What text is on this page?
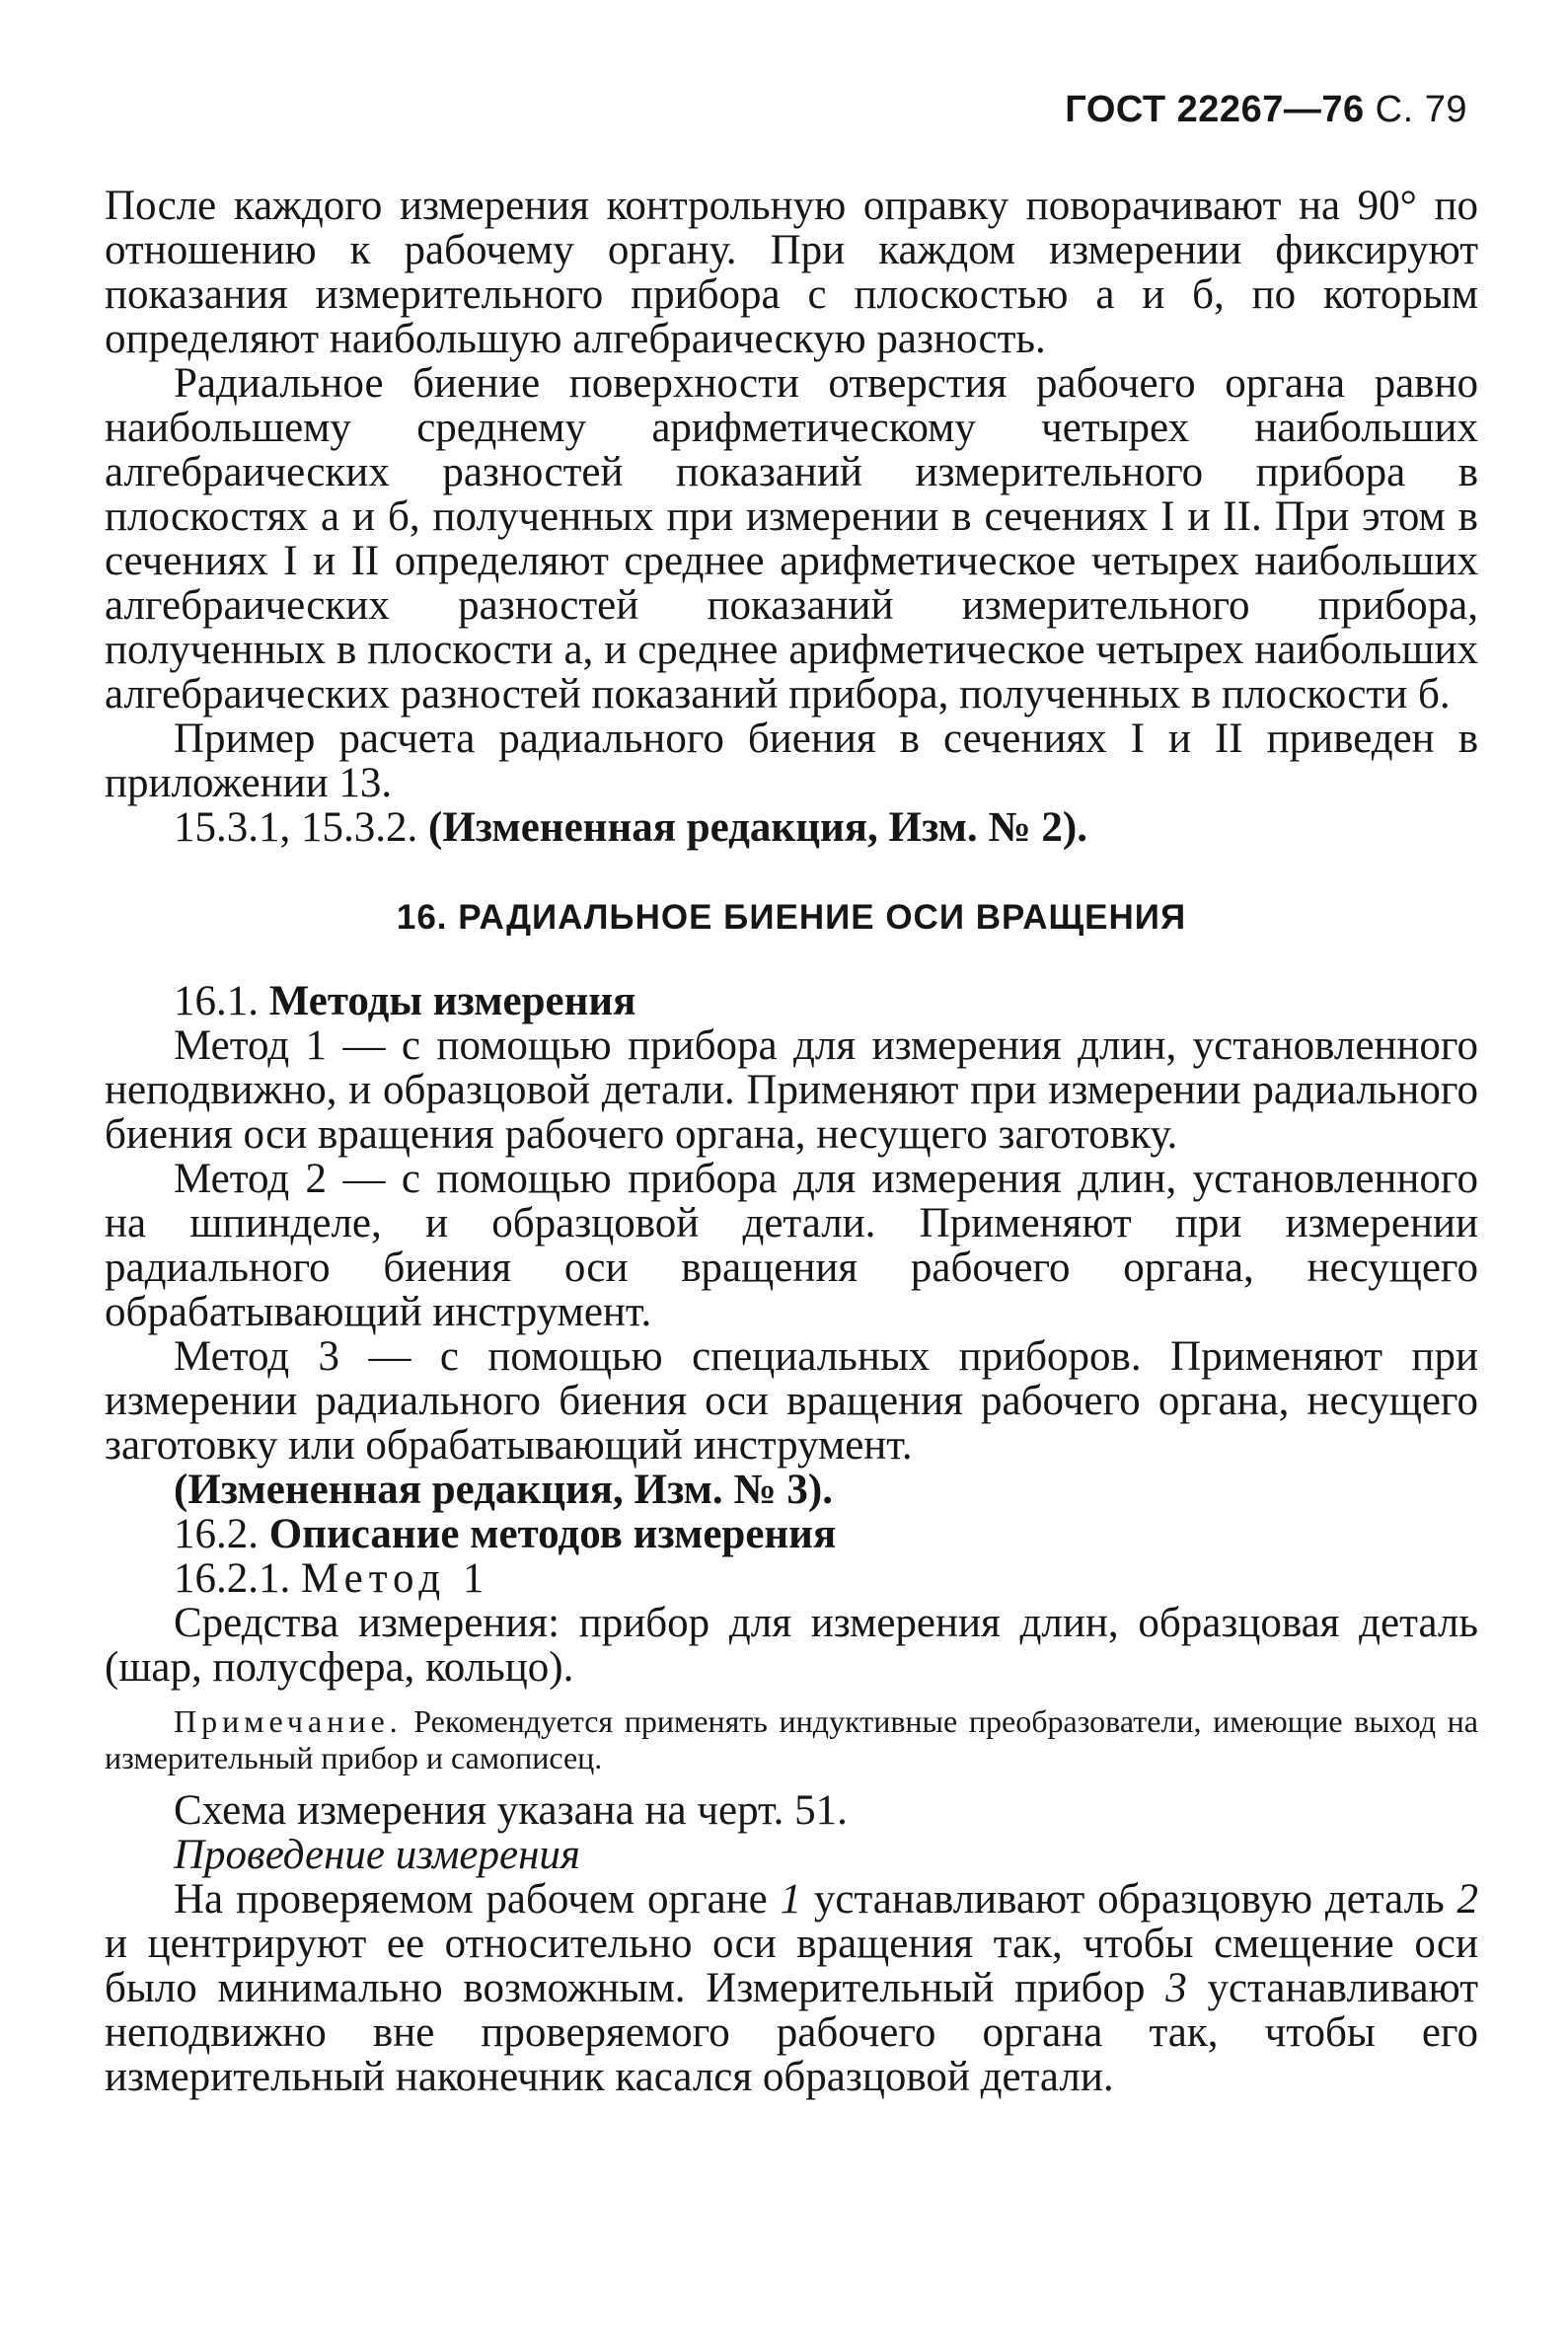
ГОСТ 22267—76 С. 79

После каждого измерения контрольную оправку поворачивают на 90° по отношению к рабочему органу. При каждом измерении фиксируют показания измерительного прибора с плоскостью а и б, по которым определяют наибольшую алгебраическую разность.

Радиальное биение поверхности отверстия рабочего органа равно наибольшему среднему арифметическому четырех наибольших алгебраических разностей показаний измерительного прибора в плоскостях а и б, полученных при измерении в сечениях I и II. При этом в сечениях I и II определяют среднее арифметическое четырех наибольших алгебраических разностей показаний измерительного прибора, полученных в плоскости а, и среднее арифметическое четырех наибольших алгебраических разностей показаний прибора, полученных в плоскости б.

Пример расчета радиального биения в сечениях I и II приведен в приложении 13.

15.3.1, 15.3.2. (Измененная редакция, Изм. № 2).

16. РАДИАЛЬНОЕ БИЕНИЕ ОСИ ВРАЩЕНИЯ

16.1. Методы измерения

Метод 1 — с помощью прибора для измерения длин, установленного неподвижно, и образцовой детали. Применяют при измерении радиального биения оси вращения рабочего органа, несущего заготовку.

Метод 2 — с помощью прибора для измерения длин, установленного на шпинделе, и образцовой детали. Применяют при измерении радиального биения оси вращения рабочего органа, несущего обрабатывающий инструмент.

Метод 3 — с помощью специальных приборов. Применяют при измерении радиального биения оси вращения рабочего органа, несущего заготовку или обрабатывающий инструмент.

(Измененная редакция, Изм. № 3).

16.2. Описание методов измерения

16.2.1. Метод 1

Средства измерения: прибор для измерения длин, образцовая деталь (шар, полусфера, кольцо).

Примечание. Рекомендуется применять индуктивные преобразователи, имеющие выход на измерительный прибор и самописец.

Схема измерения указана на черт. 51.

Проведение измерения

На проверяемом рабочем органе 1 устанавливают образцовую деталь 2 и центрируют ее относительно оси вращения так, чтобы смещение оси было минимально возможным. Измерительный прибор 3 устанавливают неподвижно вне проверяемого рабочего органа так, чтобы его измерительный наконечник касался образцовой детали.
